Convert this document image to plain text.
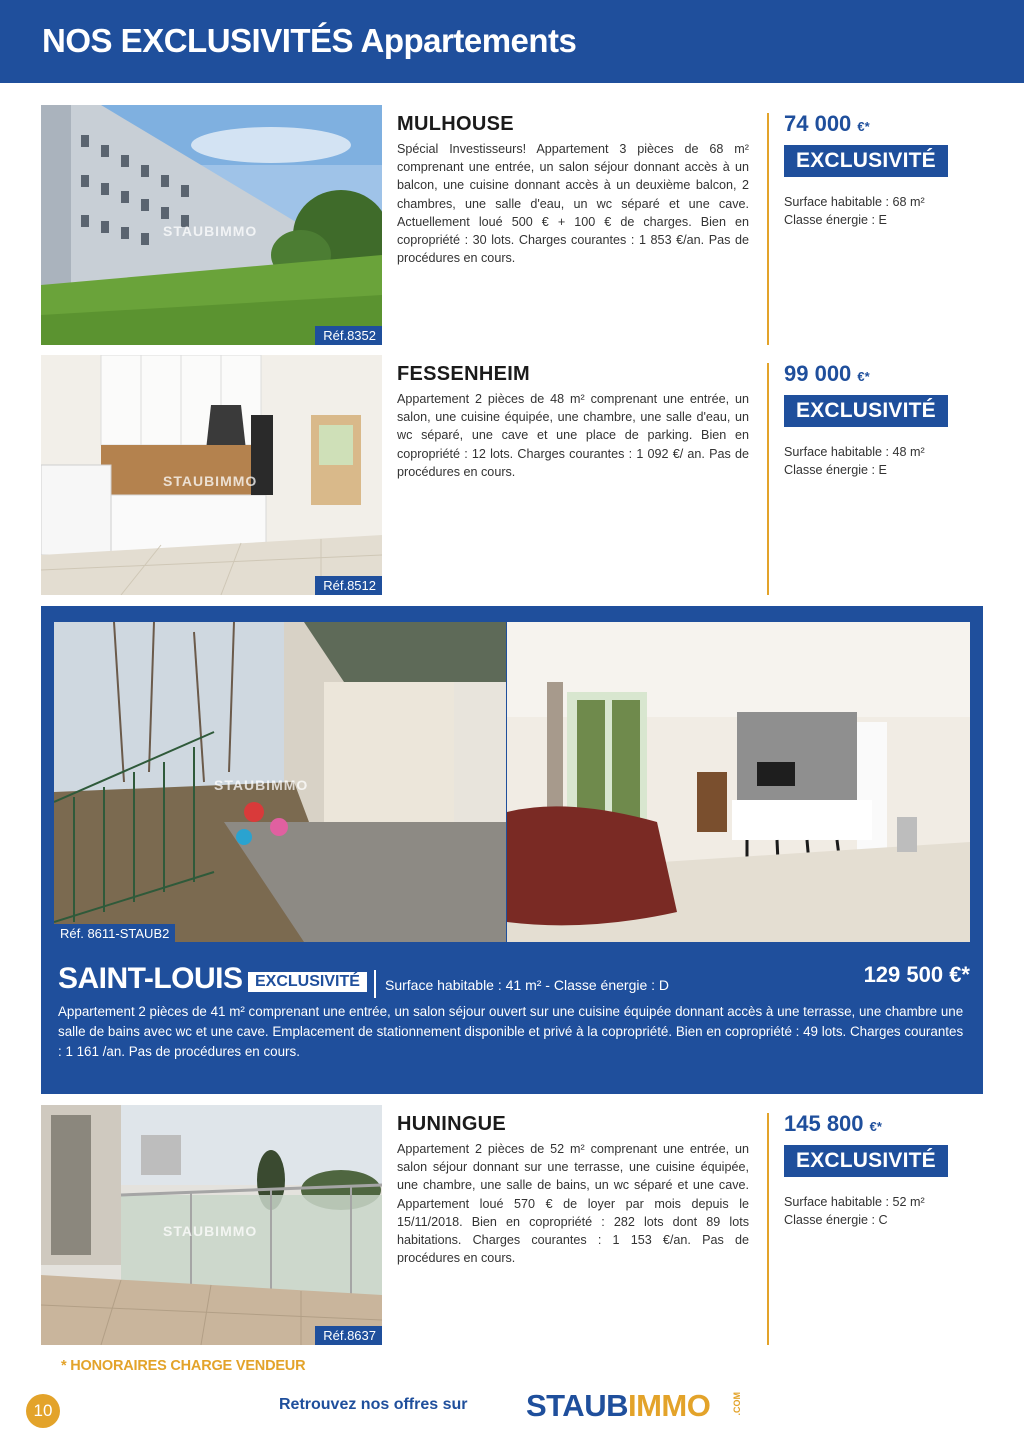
NOS EXCLUSIVITÉS Appartements
STAUBIMMO
Réf.8352
MULHOUSE
Spécial Investisseurs! Appartement 3 pièces de 68 m² comprenant une entrée, un salon séjour donnant accès à un balcon, une cuisine donnant accès à un deuxième balcon, 2 chambres, une salle d'eau, un wc séparé et une cave. Actuellement loué 500 € + 100 € de charges. Bien en copropriété : 30 lots. Charges courantes : 1 853 €/an. Pas de procédures en cours.
74 000 €*
EXCLUSIVITÉ
Surface habitable : 68 m²
Classe énergie : E
STAUBIMMO
Réf.8512
FESSENHEIM
Appartement 2 pièces de 48 m² comprenant une entrée, un salon, une cuisine équipée, une chambre, une salle d'eau, un wc séparé, une cave et une place de parking. Bien en copropriété : 12 lots. Charges courantes : 1 092 €/ an. Pas de procédures en cours.
99 000 €*
EXCLUSIVITÉ
Surface habitable : 48 m²
Classe énergie : E
STAUBIMMO
Réf. 8611-STAUB2
SAINT-LOUIS EXCLUSIVITÉ	Surface habitable : 41 m² - Classe énergie : D	129 500 €*
Appartement 2 pièces de 41 m² comprenant une entrée, un salon séjour ouvert sur une cuisine équipée donnant accès à une terrasse, une chambre une salle de bains avec wc et une cave. Emplacement de stationnement disponible et privé à la copropriété. Bien en copropriété : 49 lots. Charges courantes : 1 161 /an. Pas de procédures en cours.
STAUBIMMO
Réf.8637
HUNINGUE
Appartement 2 pièces de 52 m² comprenant une entrée, un salon séjour donnant sur une terrasse, une cuisine équipée, une chambre, une salle de bains, un wc séparé et une cave. Appartement loué 570 € de loyer par mois depuis le 15/11/2018. Bien en copropriété : 282 lots dont 89 lots habitations. Charges courantes : 1 153 €/an. Pas de procédures en cours.
145 800 €*
EXCLUSIVITÉ
Surface habitable : 52 m²
Classe énergie : C
* HONORAIRES CHARGE VENDEUR
10	Retrouvez nos offres sur STAUBIMMO .COM
